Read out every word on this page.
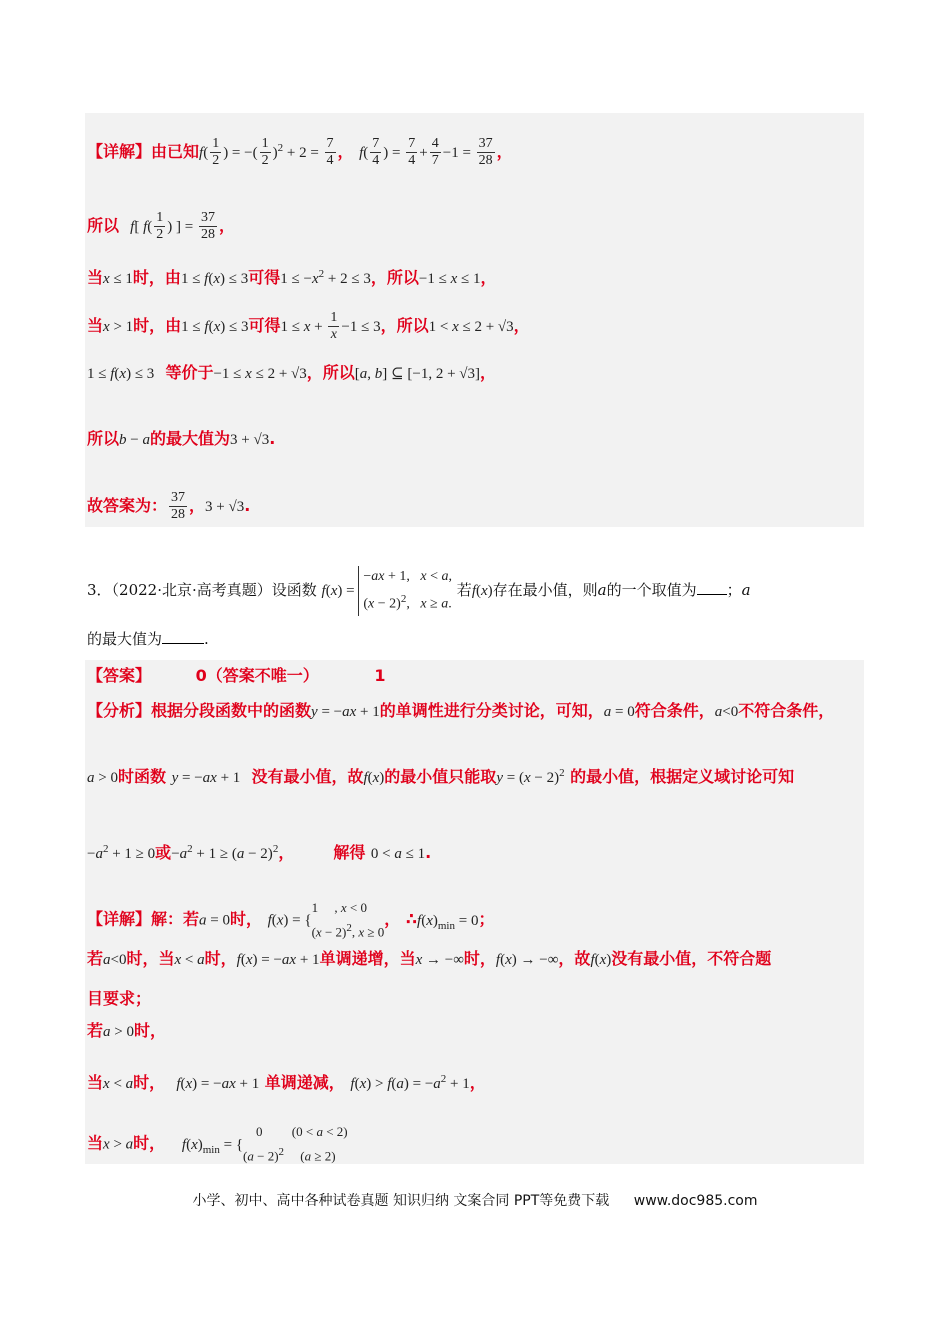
【详解】由已知$f( \frac{1}{2}$ ) = −( $\frac{1}{2} )^2 + 2 = \frac{7}{4}$ ， $f( \frac{7}{4}$ ) = $\frac{7}{4} + \frac{4}{7} -1 = \frac{37}{28}$ ，
所以 f[ $f( \frac{1}{2}$ ) ] = $\frac{37}{28}$ ，
当x ≤ 1时，由1 ≤ f(x) ≤ 3可得$1 \le -x^2 + 2 \le 3$，所以−1 ≤ x ≤ 1，
当x > 1时，由1 ≤ f(x) ≤ 3可得$1 \le x + \frac{1}{x} -1 \le 3$，所以1 < x ≤ 2 + √3，
1 ≤ f(x) ≤ 3 等价于−1 ≤ x ≤ 2 + √3，所以[a, b] ⊆ [−1, 2 + √3]，
所以b − a的最大值为3 + √3.
故答案为： $\frac{37}{28}$ ，3 + √3.
3．（2022·北京·高考真题）设函数 f(x) =
−ax + 1,   x < a,
$(x - 2)^2$,   x ≥ a.
若f(x)存在最小值，则a的一个取值为 ；a
的最大值为	.
【答案】	0（答案不唯一）	1
【分析】根据分段函数中的函数y = −ax + 1的单调性进行分类讨论，可知，a = 0符合条件，a<0不符合条件，
a > 0时函数 y = −ax + 1 没有最小值，故f(x)的最小值只能取$y = (x - 2)^2$ 的最小值，根据定义域讨论可知
$-a^2 + 1 \ge 0$或$-a^2 + 1 \ge (a - 2)^2$， 解得 0 < a ≤ 1.
【详解】解：若a = 0时， f(x) = {
1     , x < 0
$(x - 2)^2$, x ≥ 0
， $\therefore f(x)_{min} = 0$；
若a<0时，当x < a时，f(x) = −ax + 1单调递增，当x → −∞时，f(x) → −∞，故f(x)没有最小值，不符合题
目要求；
若a > 0时，
当x < a时， f(x) = −ax + 1 单调递减， $f(x) > f(a) = -a^2 + 1$，
当x > a时， $f(x)_{min}$ = {
0         (0 < a < 2)
$(a - 2)^2$     (a ≥ 2)
小学、初中、高中各种试卷真题 知识归纳 文案合同 PPT等免费下载 www.doc985.com
